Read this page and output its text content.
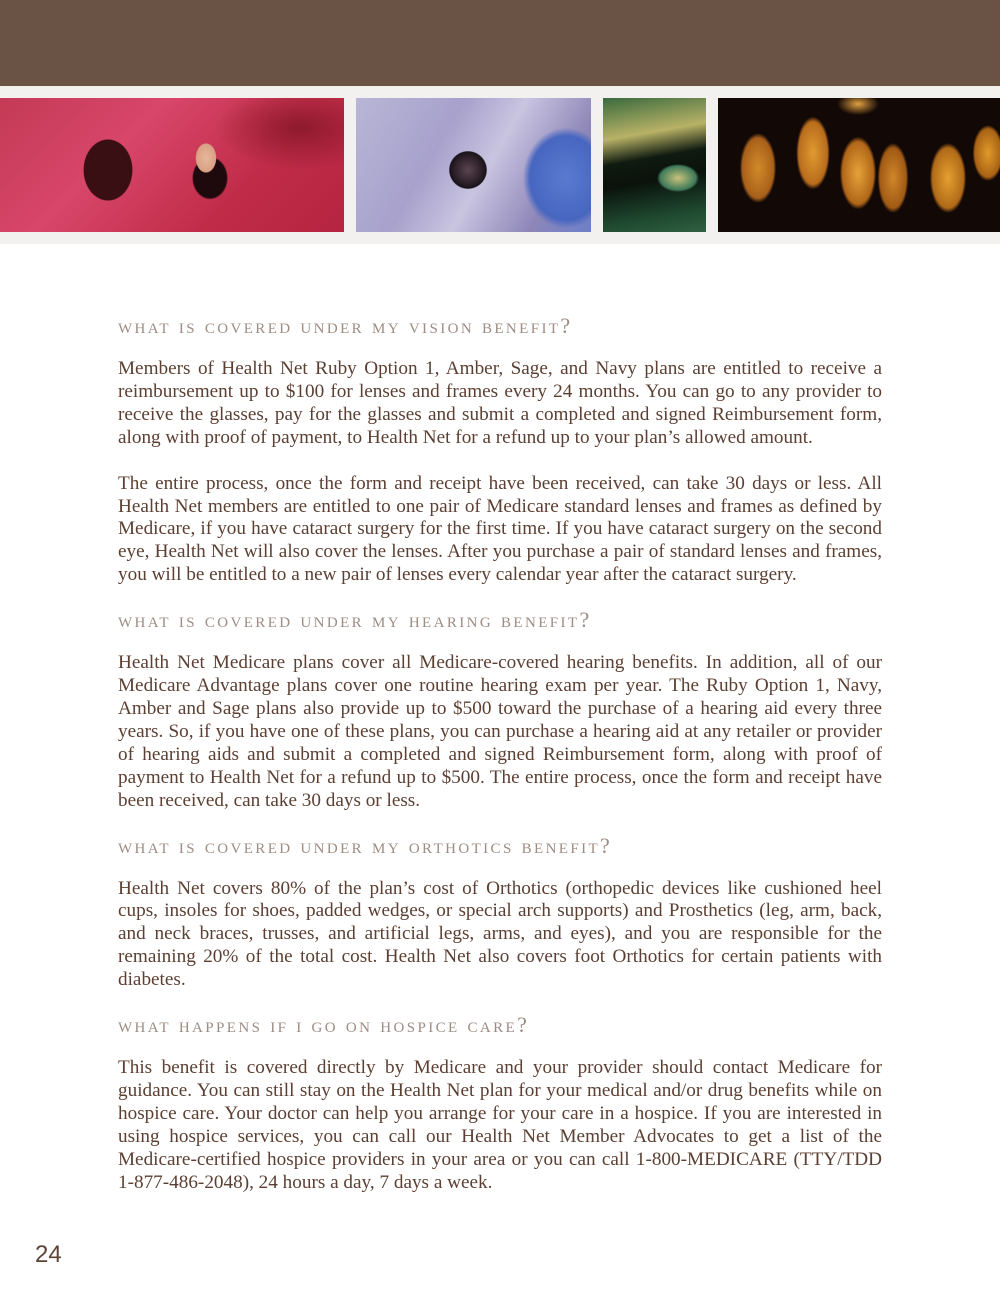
what is covered under my vision benefit?

Members of Health Net Ruby Option 1, Amber, Sage, and Navy plans are entitled to receive a reimbursement up to $100 for lenses and frames every 24 months. You can go to any provider to receive the glasses, pay for the glasses and submit a completed and signed Reimbursement form, along with proof of payment, to Health Net for a refund up to your plan’s allowed amount.

The entire process, once the form and receipt have been received, can take 30 days or less. All Health Net members are entitled to one pair of Medicare standard lenses and frames as defined by Medicare, if you have cataract surgery for the first time. If you have cataract surgery on the second eye, Health Net will also cover the lenses. After you purchase a pair of standard lenses and frames, you will be entitled to a new pair of lenses every calendar year after the cataract surgery.

what is covered under my hearing benefit?

Health Net Medicare plans cover all Medicare-covered hearing benefits. In addition, all of our Medicare Advantage plans cover one routine hearing exam per year. The Ruby Option 1, Navy, Amber and Sage plans also provide up to $500 toward the purchase of a hearing aid every three years. So, if you have one of these plans, you can purchase a hearing aid at any retailer or provider of hearing aids and submit a completed and signed Reimbursement form, along with proof of payment to Health Net for a refund up to $500. The entire process, once the form and receipt have been received, can take 30 days or less.

what is covered under my orthotics benefit?

Health Net covers 80% of the plan’s cost of Orthotics (orthopedic devices like cushioned heel cups, insoles for shoes, padded wedges, or special arch supports) and Prosthetics (leg, arm, back, and neck braces, trusses, and artificial legs, arms, and eyes), and you are responsible for the remaining 20% of the total cost. Health Net also covers foot Orthotics for certain patients with diabetes.

what happens if i go on hospice care?

This benefit is covered directly by Medicare and your provider should contact Medicare for guidance. You can still stay on the Health Net plan for your medical and/or drug benefits while on hospice care. Your doctor can help you arrange for your care in a hospice. If you are interested in using hospice services, you can call our Health Net Member Advocates to get a list of the Medicare-certified hospice providers in your area or you can call 1-800-MEDICARE (TTY/TDD 1-877-486-2048), 24 hours a day, 7 days a week.

24
